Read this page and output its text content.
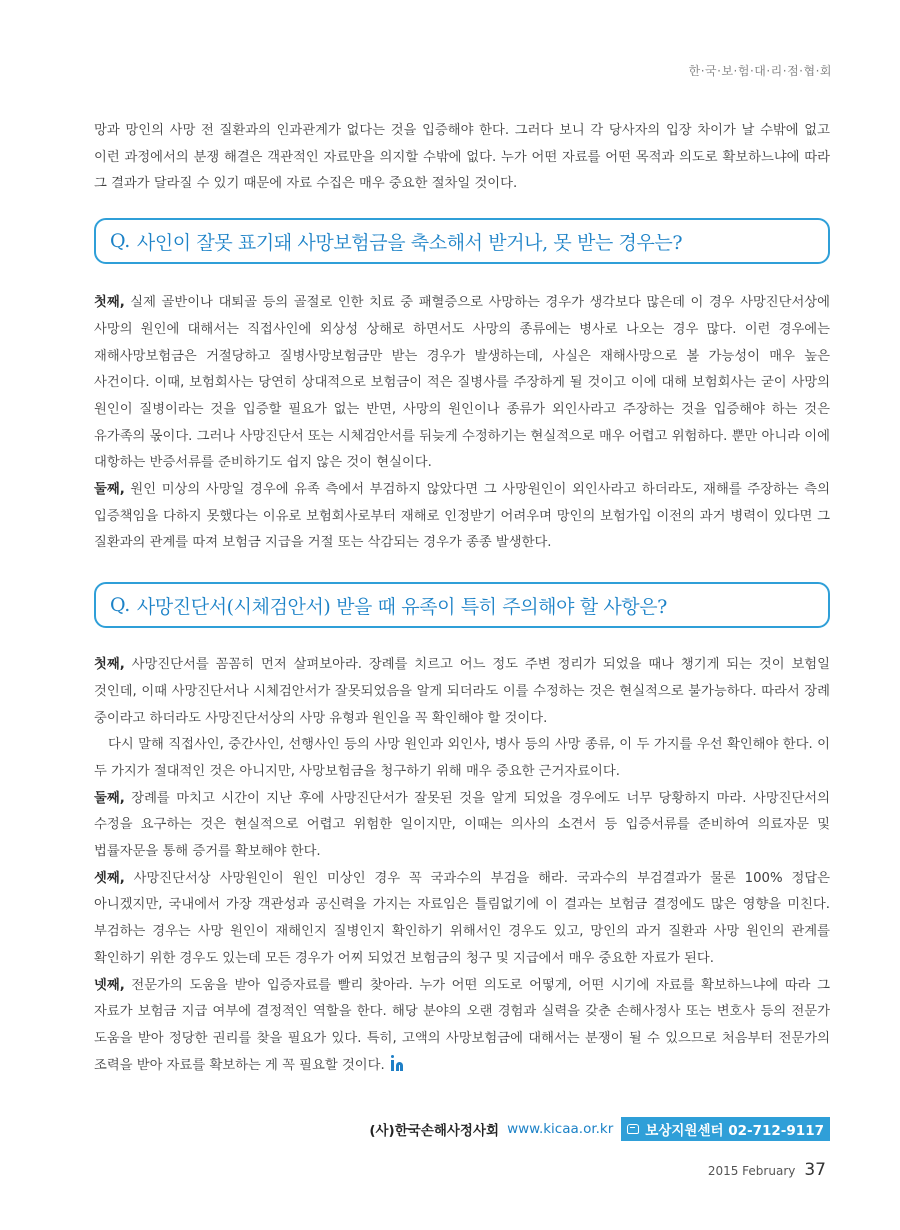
한·국·보·험·대·리·점·협·회

망과 망인의 사망 전 질환과의 인과관계가 없다는 것을 입증해야 한다. 그러다 보니 각 당사자의 입장 차이가 날 수밖에 없고 이런 과정에서의 분쟁 해결은 객관적인 자료만을 의지할 수밖에 없다. 누가 어떤 자료를 어떤 목적과 의도로 확보하느냐에 따라 그 결과가 달라질 수 있기 때문에 자료 수집은 매우 중요한 절차일 것이다.

Q. 사인이 잘못 표기돼 사망보험금을 축소해서 받거나, 못 받는 경우는?

첫째, 실제 골반이나 대퇴골 등의 골절로 인한 치료 중 패혈증으로 사망하는 경우가 생각보다 많은데 이 경우 사망진단서상에 사망의 원인에 대해서는 직접사인에 외상성 상해로 하면서도 사망의 종류에는 병사로 나오는 경우 많다. 이런 경우에는 재해사망보험금은 거절당하고 질병사망보험금만 받는 경우가 발생하는데, 사실은 재해사망으로 볼 가능성이 매우 높은 사건이다. 이때, 보험회사는 당연히 상대적으로 보험금이 적은 질병사를 주장하게 될 것이고 이에 대해 보험회사는 굳이 사망의 원인이 질병이라는 것을 입증할 필요가 없는 반면, 사망의 원인이나 종류가 외인사라고 주장하는 것을 입증해야 하는 것은 유가족의 몫이다. 그러나 사망진단서 또는 시체검안서를 뒤늦게 수정하기는 현실적으로 매우 어렵고 위험하다. 뿐만 아니라 이에 대항하는 반증서류를 준비하기도 쉽지 않은 것이 현실이다.

둘째, 원인 미상의 사망일 경우에 유족 측에서 부검하지 않았다면 그 사망원인이 외인사라고 하더라도, 재해를 주장하는 측의 입증책임을 다하지 못했다는 이유로 보험회사로부터 재해로 인정받기 어려우며 망인의 보험가입 이전의 과거 병력이 있다면 그 질환과의 관계를 따져 보험금 지급을 거절 또는 삭감되는 경우가 종종 발생한다.

Q. 사망진단서(시체검안서) 받을 때 유족이 특히 주의해야 할 사항은?

첫째, 사망진단서를 꼼꼼히 먼저 살펴보아라. 장례를 치르고 어느 정도 주변 정리가 되었을 때나 챙기게 되는 것이 보험일 것인데, 이때 사망진단서나 시체검안서가 잘못되었음을 알게 되더라도 이를 수정하는 것은 현실적으로 불가능하다. 따라서 장례 중이라고 하더라도 사망진단서상의 사망 유형과 원인을 꼭 확인해야 할 것이다.

다시 말해 직접사인, 중간사인, 선행사인 등의 사망 원인과 외인사, 병사 등의 사망 종류, 이 두 가지를 우선 확인해야 한다. 이 두 가지가 절대적인 것은 아니지만, 사망보험금을 청구하기 위해 매우 중요한 근거자료이다.

둘째, 장례를 마치고 시간이 지난 후에 사망진단서가 잘못된 것을 알게 되었을 경우에도 너무 당황하지 마라. 사망진단서의 수정을 요구하는 것은 현실적으로 어렵고 위험한 일이지만, 이때는 의사의 소견서 등 입증서류를 준비하여 의료자문 및 법률자문을 통해 증거를 확보해야 한다.

셋째, 사망진단서상 사망원인이 원인 미상인 경우 꼭 국과수의 부검을 해라. 국과수의 부검결과가 물론 100% 정답은 아니겠지만, 국내에서 가장 객관성과 공신력을 가지는 자료임은 틀림없기에 이 결과는 보험금 결정에도 많은 영향을 미친다. 부검하는 경우는 사망 원인이 재해인지 질병인지 확인하기 위해서인 경우도 있고, 망인의 과거 질환과 사망 원인의 관계를 확인하기 위한 경우도 있는데 모든 경우가 어찌 되었건 보험금의 청구 및 지급에서 매우 중요한 자료가 된다.

넷째, 전문가의 도움을 받아 입증자료를 빨리 찾아라. 누가 어떤 의도로 어떻게, 어떤 시기에 자료를 확보하느냐에 따라 그 자료가 보험금 지급 여부에 결정적인 역할을 한다. 해당 분야의 오랜 경험과 실력을 갖춘 손해사정사 또는 변호사 등의 전문가 도움을 받아 정당한 권리를 찾을 필요가 있다. 특히, 고액의 사망보험금에 대해서는 분쟁이 될 수 있으므로 처음부터 전문가의 조력을 받아 자료를 확보하는 게 꼭 필요할 것이다.

(사)한국손해사정사회 www.kicaa.or.kr 보상지원센터 02-712-9117
2015 February 37
